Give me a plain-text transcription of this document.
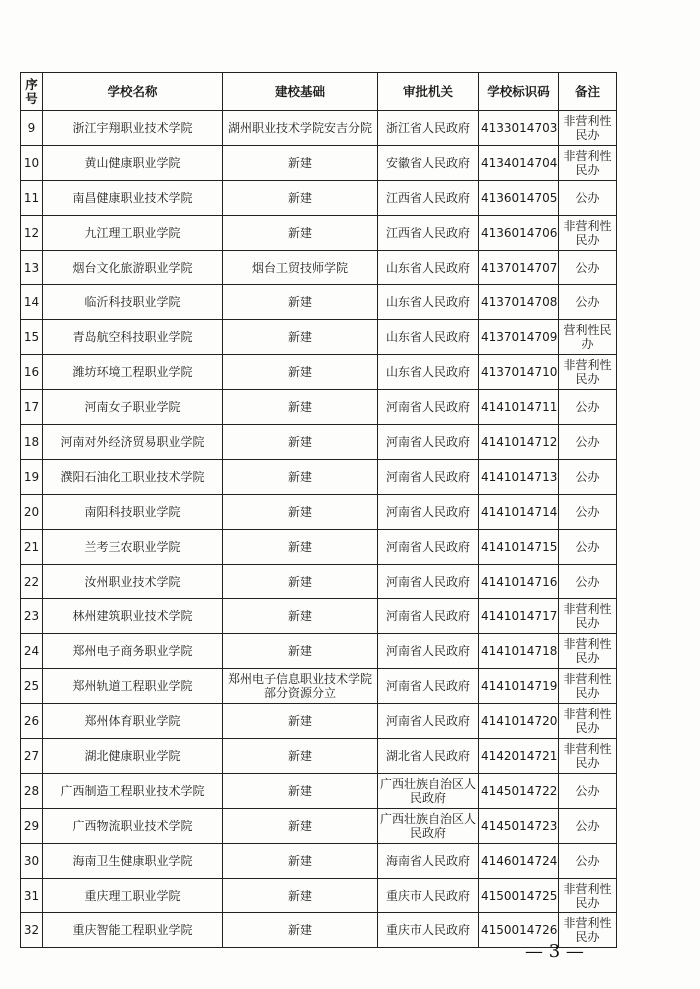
序号	学校名称	建校基础	审批机关	学校标识码	备注
9	浙江宇翔职业技术学院	湖州职业技术学院安吉分院	浙江省人民政府	4133014703	非营利性民办
10	黄山健康职业学院	新建	安徽省人民政府	4134014704	非营利性民办
11	南昌健康职业技术学院	新建	江西省人民政府	4136014705	公办
12	九江理工职业学院	新建	江西省人民政府	4136014706	非营利性民办
13	烟台文化旅游职业学院	烟台工贸技师学院	山东省人民政府	4137014707	公办
14	临沂科技职业学院	新建	山东省人民政府	4137014708	公办
15	青岛航空科技职业学院	新建	山东省人民政府	4137014709	营利性民办
16	潍坊环境工程职业学院	新建	山东省人民政府	4137014710	非营利性民办
17	河南女子职业学院	新建	河南省人民政府	4141014711	公办
18	河南对外经济贸易职业学院	新建	河南省人民政府	4141014712	公办
19	濮阳石油化工职业技术学院	新建	河南省人民政府	4141014713	公办
20	南阳科技职业学院	新建	河南省人民政府	4141014714	公办
21	兰考三农职业学院	新建	河南省人民政府	4141014715	公办
22	汝州职业技术学院	新建	河南省人民政府	4141014716	公办
23	林州建筑职业技术学院	新建	河南省人民政府	4141014717	非营利性民办
24	郑州电子商务职业学院	新建	河南省人民政府	4141014718	非营利性民办
25	郑州轨道工程职业学院	郑州电子信息职业技术学院部分资源分立	河南省人民政府	4141014719	非营利性民办
26	郑州体育职业学院	新建	河南省人民政府	4141014720	非营利性民办
27	湖北健康职业学院	新建	湖北省人民政府	4142014721	非营利性民办
28	广西制造工程职业技术学院	新建	广西壮族自治区人民政府	4145014722	公办
29	广西物流职业技术学院	新建	广西壮族自治区人民政府	4145014723	公办
30	海南卫生健康职业学院	新建	海南省人民政府	4146014724	公办
31	重庆理工职业学院	新建	重庆市人民政府	4150014725	非营利性民办
32	重庆智能工程职业学院	新建	重庆市人民政府	4150014726	非营利性民办
— 3 —
